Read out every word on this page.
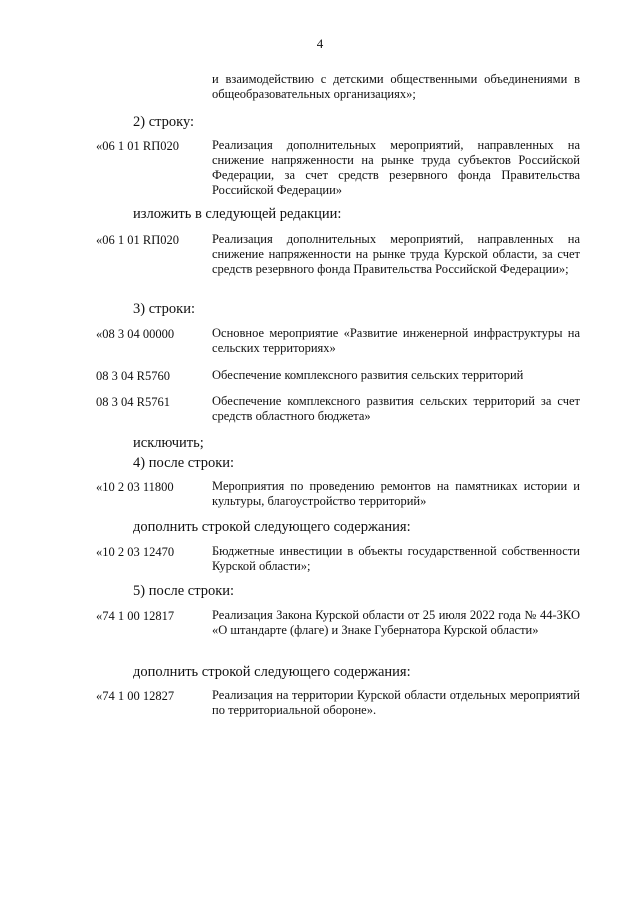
4
и взаимодействию с детскими общественными объединениями в общеобразовательных организациях»;
2) строку:
«06 1 01 RП020	Реализация дополнительных мероприятий, направленных на снижение напряженности на рынке труда субъектов Российской Федерации, за счет средств резервного фонда Правительства Российской Федерации»
изложить в следующей редакции:
«06 1 01 RП020	Реализация дополнительных мероприятий, направленных на снижение напряженности на рынке труда Курской области, за счет средств резервного фонда Правительства Российской Федерации»;
3) строки:
«08 3 04 00000	Основное мероприятие «Развитие инженерной инфраструктуры на сельских территориях»
08 3 04 R5760	Обеспечение комплексного развития сельских территорий
08 3 04 R5761	Обеспечение комплексного развития сельских территорий за счет средств областного бюджета»
исключить;
4) после строки:
«10 2 03 11800	Мероприятия по проведению ремонтов на памятниках истории и культуры, благоустройство территорий»
дополнить строкой следующего содержания:
«10 2 03 12470	Бюджетные инвестиции в объекты государственной собственности Курской области»;
5) после строки:
«74 1 00 12817	Реализация Закона Курской области от 25 июля 2022 года № 44-ЗКО «О штандарте (флаге) и Знаке Губернатора Курской области»
дополнить строкой следующего содержания:
«74 1 00 12827	Реализация на территории Курской области отдельных мероприятий по территориальной обороне».
